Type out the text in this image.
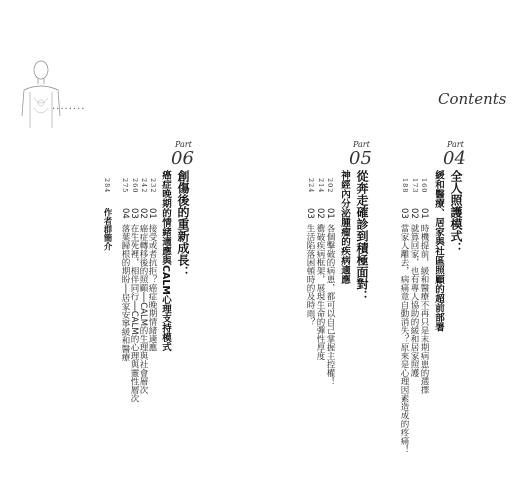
........	Contents
Part
04
全人照護模式：
緩和醫療、居家與社區照顧的超前部署
160
173
188
01
時機提前，緩和醫療不再只是末期病患的選擇
02
就算回家，也有專人協助的緩和居家照護
03
當家人離去，病痛竟自動消失？原來是心理因素造成的疼痛！
Part
05
從奔走確診到積極面對：
神經內分泌腫瘤的疾病適應
202
214
224
01
各個擊破的病患，都可以自己掌握主控權！
02
衝破疾病框架，展現生命的彈性厚度
03
生活陷落困頓時的及時雨？
Part
06
創傷後的重新成長：
癌症晚期的情緒適應與CALM心理支持模式
232
242
260
275
01
接受或者抗拒？癌症晚期情緒適應
02
癌症轉移後的照顧──CALM的生理與社會層次
03
在生死裡，相伴同行──CALM的心理與靈性層次
04
落葉歸根的期盼──居家安寧緩和醫療
284
作者群簡介
